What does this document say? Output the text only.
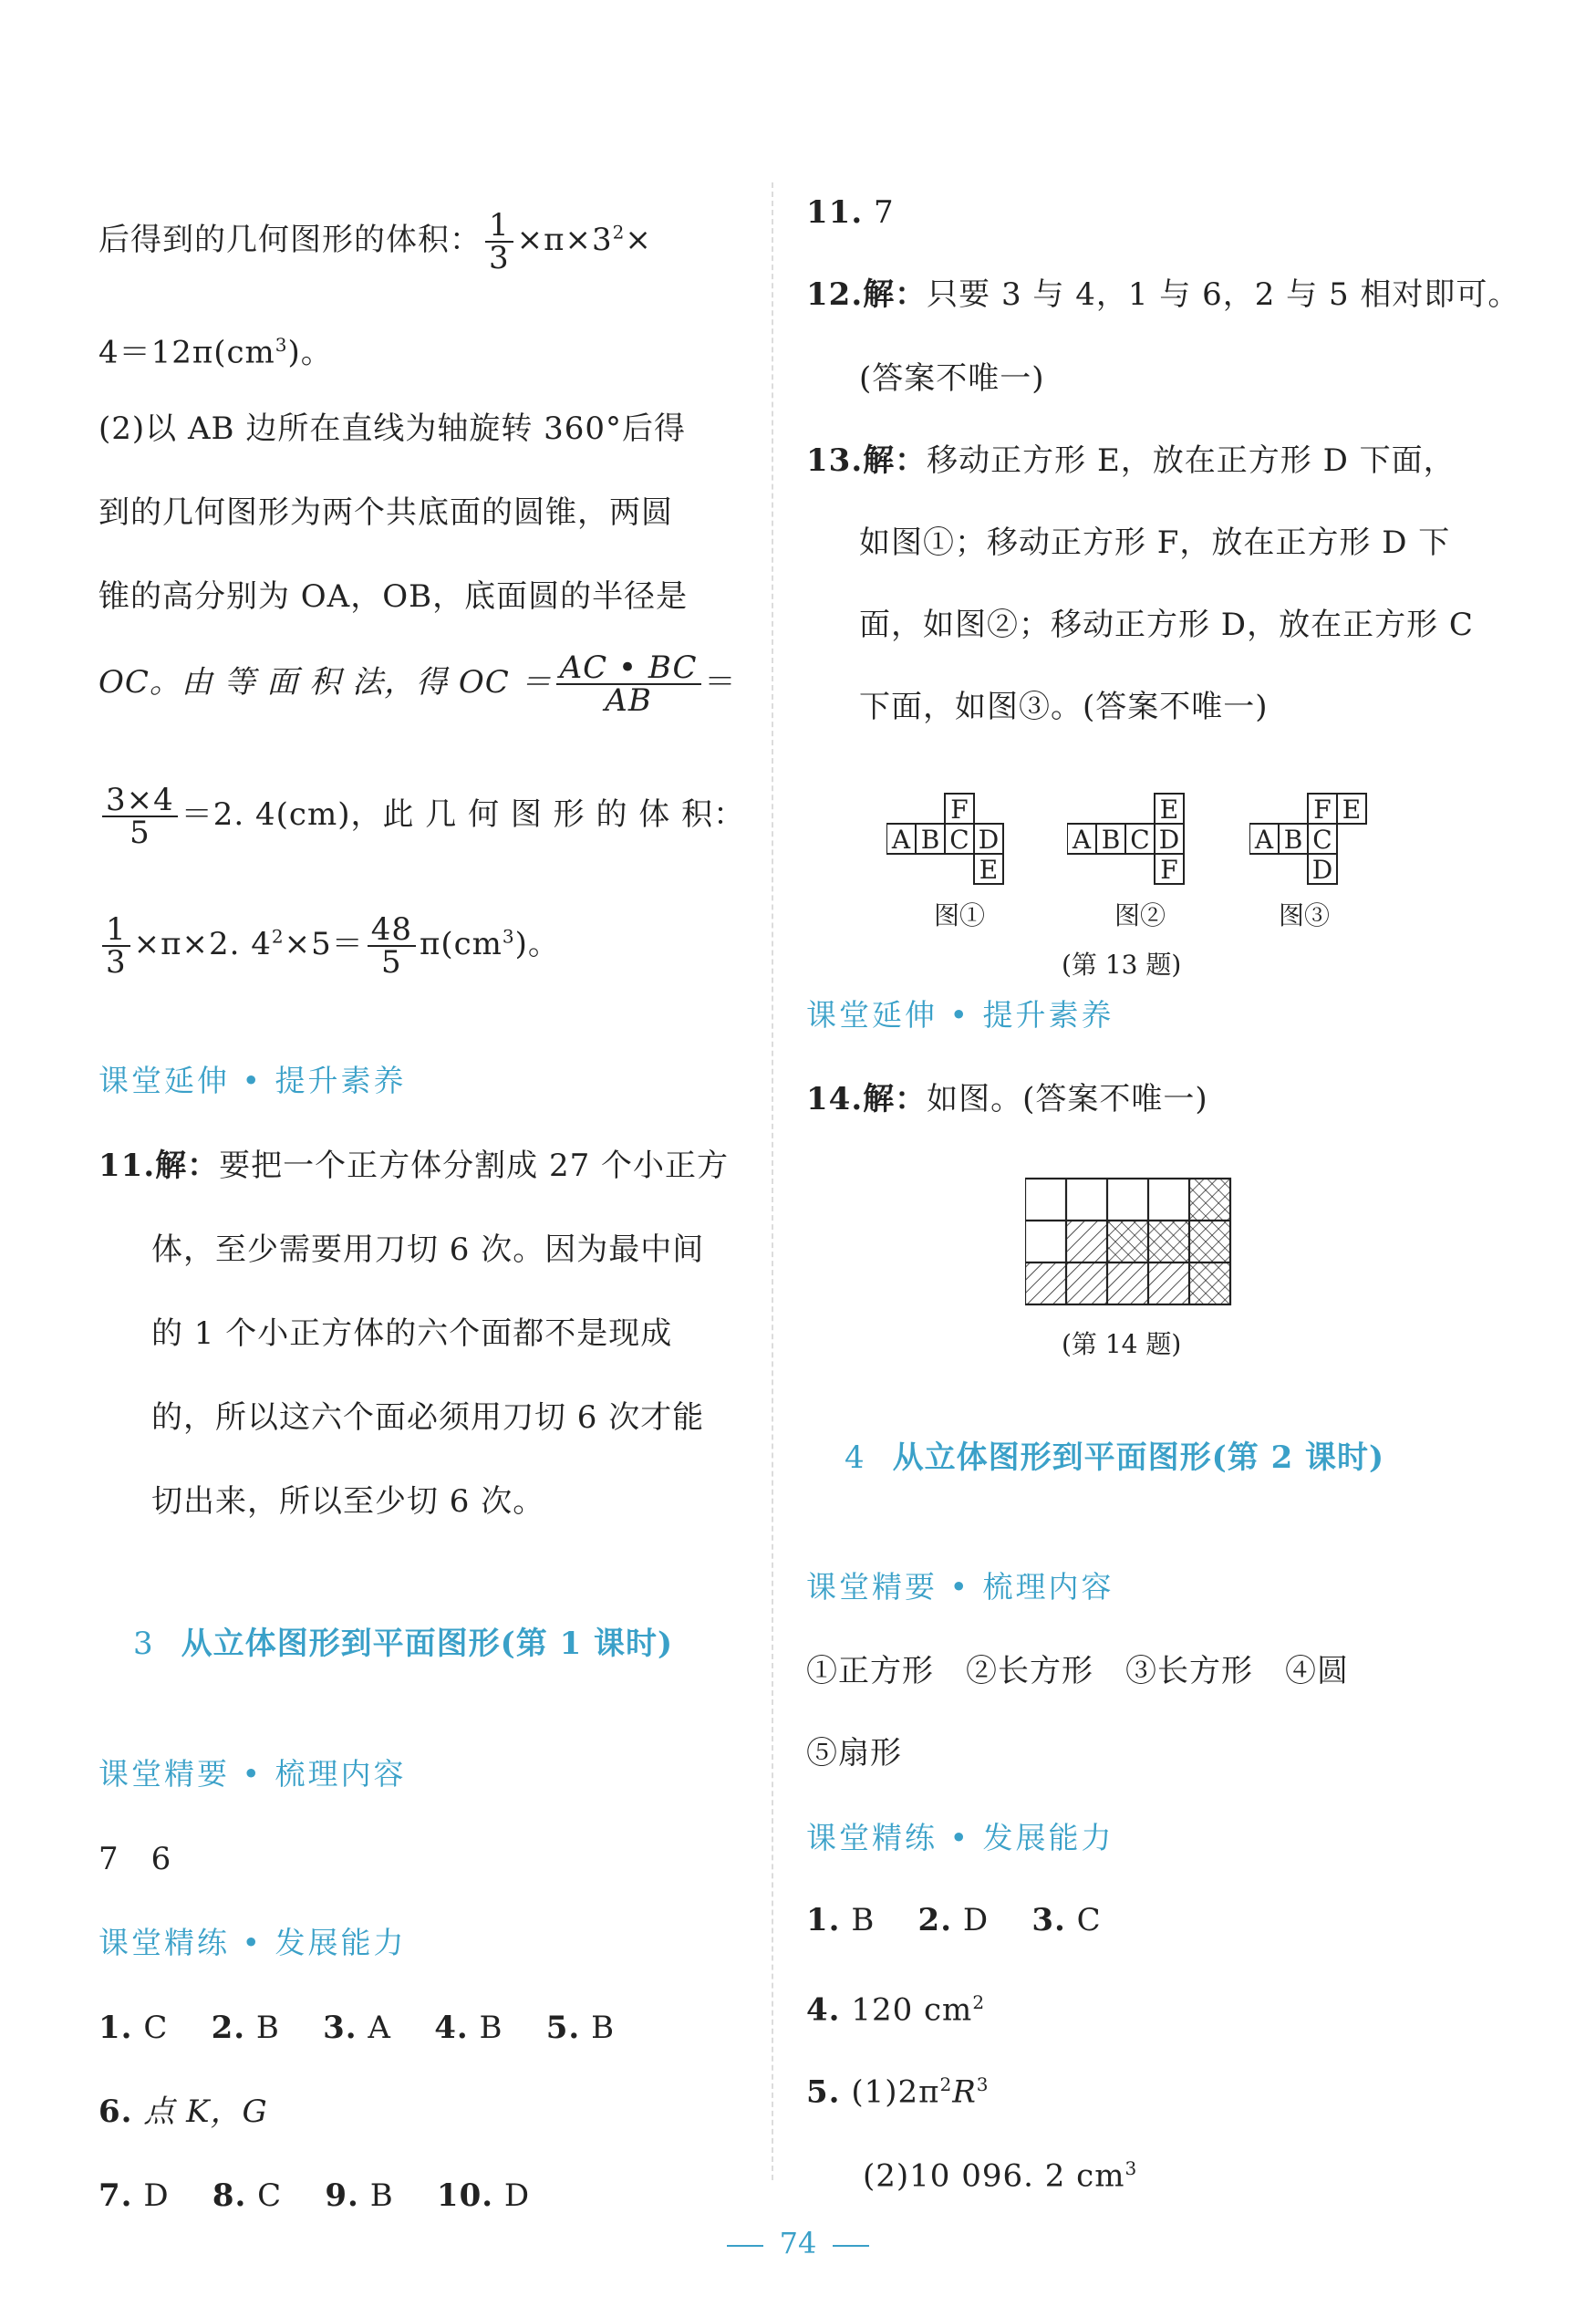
后得到的几何图形的体积： $\frac{1}{3} \times\pi\times 3^2\times$
$4=12\pi(cm^3)$。
(2)以 AB 边所在直线为轴旋转 360°后得
到的几何图形为两个共底面的圆锥，两圆
锥的高分别为 OA，OB，底面圆的半径是
OC。由 等 面 积 法，得 OC ＝ $\frac{AC • BC}{AB}$ ＝
$\frac{3\times 4}{5} =2$. 4(cm)，此 几 何 图 形 的 体 积：
$\frac{1}{3} \times\pi\times 2$. $4^2\times 5= \frac{48}{5} \pi(cm^3)$。
课堂延伸 • 提升素养
11.解：要把一个正方体分割成 27 个小正方
体，至少需要用刀切 6 次。因为最中间
的 1 个小正方体的六个面都不是现成
的，所以这六个面必须用刀切 6 次才能
切出来，所以至少切 6 次。
3 从立体图形到平面图形(第 1 课时)
课堂精要 • 梳理内容
7　6
课堂精练 • 发展能力
1. C 2. B 3. A 4. B 5. B
6. 点 K，G
7. D 8. C 9. B 10. D
11. 7
12.解：只要 3 与 4，1 与 6，2 与 5 相对即可。
(答案不唯一)
13.解：移动正方形 E，放在正方形 D 下面，
如图①；移动正方形 F，放在正方形 D 下
面，如图②；移动正方形 D，放在正方形 C
下面，如图③。(答案不唯一)
F
A B C D
E
图①
E
A B C D
F
图②
F E
A B C
D
图③
(第 13 题)
课堂延伸 • 提升素养
14.解：如图。(答案不唯一)
(第 14 题)
4 从立体图形到平面图形(第 2 课时)
课堂精要 • 梳理内容
①正方形　②长方形　③长方形　④圆
⑤扇形
课堂精练 • 发展能力
1. B 2. D 3. C
4. 120 $cm^2$
5. $(1)2\pi^2R^3$
(2)10 096. 2 $cm^3$
74
